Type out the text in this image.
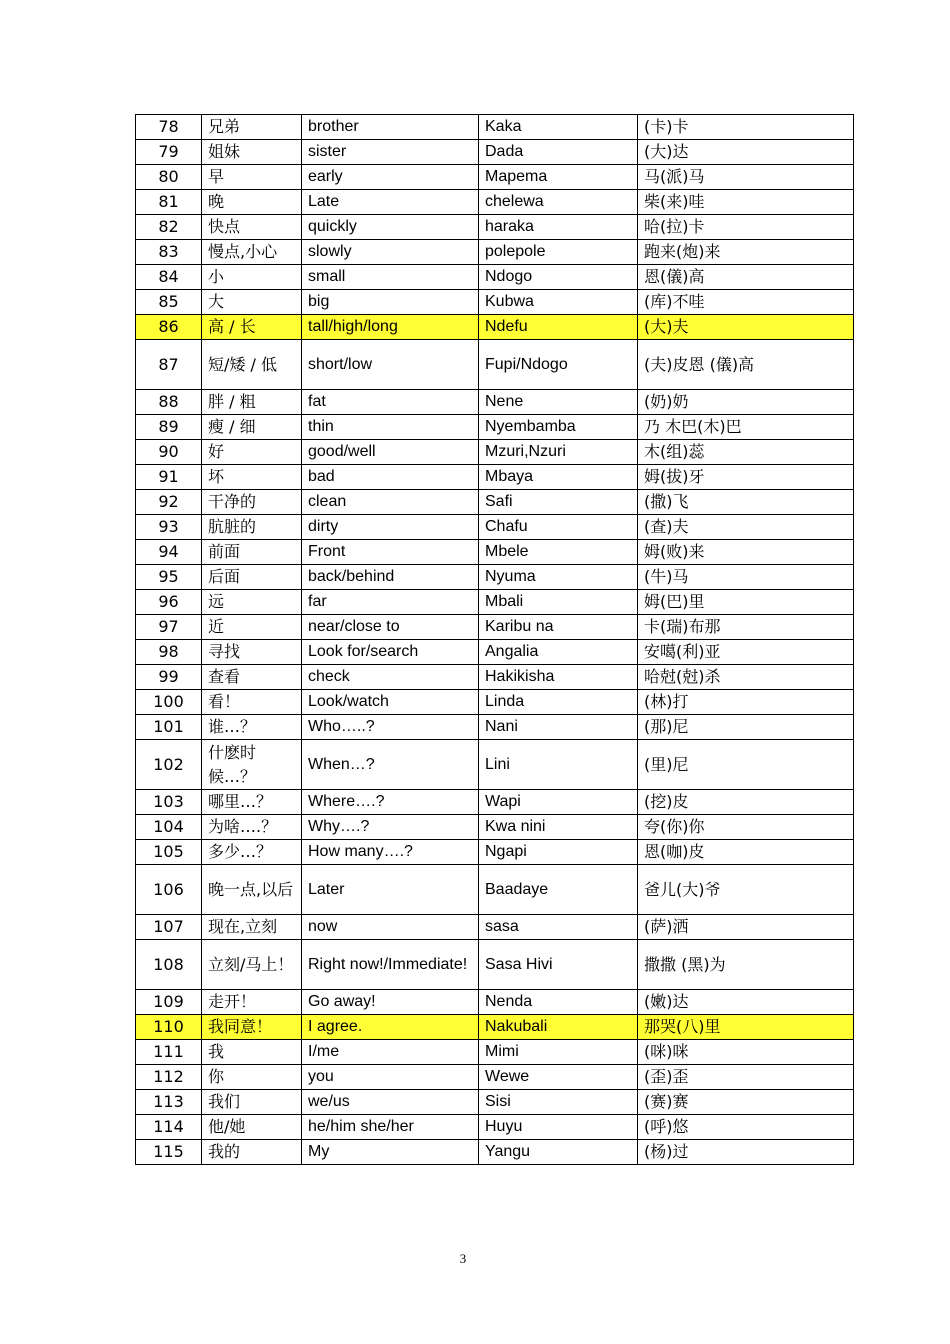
78	兄弟	brother	Kaka	(卡)卡
79	姐妹	sister	Dada	(大)达
80	早	early	Mapema	马(派)马
81	晚	Late	chelewa	柴(来)哇
82	快点	quickly	haraka	哈(拉)卡
83	慢点,小心	slowly	polepole	跑来(炮)来
84	小	small	Ndogo	恩(儀)高
85	大	big	Kubwa	(库)不哇
86	高 / 长	tall/high/long	Ndefu	(大)夫
87	短/矮 / 低	short/low	Fupi/Ndogo	(夫)皮恩 (儀)高
88	胖 / 粗	fat	Nene	(奶)奶
89	瘦 / 细	thin	Nyembamba	乃 木巴(木)巴
90	好	good/well	Mzuri,Nzuri	木(组)蕊
91	坏	bad	Mbaya	姆(拔)牙
92	干净的	clean	Safi	(撒)飞
93	肮脏的	dirty	Chafu	(查)夫
94	前面	Front	Mbele	姆(败)来
95	后面	back/behind	Nyuma	(牛)马
96	远	far	Mbali	姆(巴)里
97	近	near/close to	Karibu na	卡(瑞)布那
98	寻找	Look for/search	Angalia	安噶(利)亚
99	查看	check	Hakikisha	哈尅(尅)杀
100	看！	Look/watch	Linda	(林)打
101	谁…？	Who…..?	Nani	(那)尼
102	什麽时候…？	When…?	Lini	(里)尼
103	哪里…？	Where….?	Wapi	(挖)皮
104	为啥….？	Why….?	Kwa nini	夸(你)你
105	多少…？	How many….?	Ngapi	恩(咖)皮
106	晚一点,以后	Later	Baadaye	爸儿(大)爷
107	现在,立刻	now	sasa	(萨)洒
108	立刻/马上！	Right now!/Immediate!	Sasa Hivi	撒撒 (黑)为
109	走开！	Go away!	Nenda	(嫩)达
110	我同意！	I agree.	Nakubali	那哭(八)里
111	我	I/me	Mimi	(咪)咪
112	你	you	Wewe	(歪)歪
113	我们	we/us	Sisi	(赛)赛
114	他/她	he/him she/her	Huyu	(呼)悠
115	我的	My	Yangu	(杨)过
3
